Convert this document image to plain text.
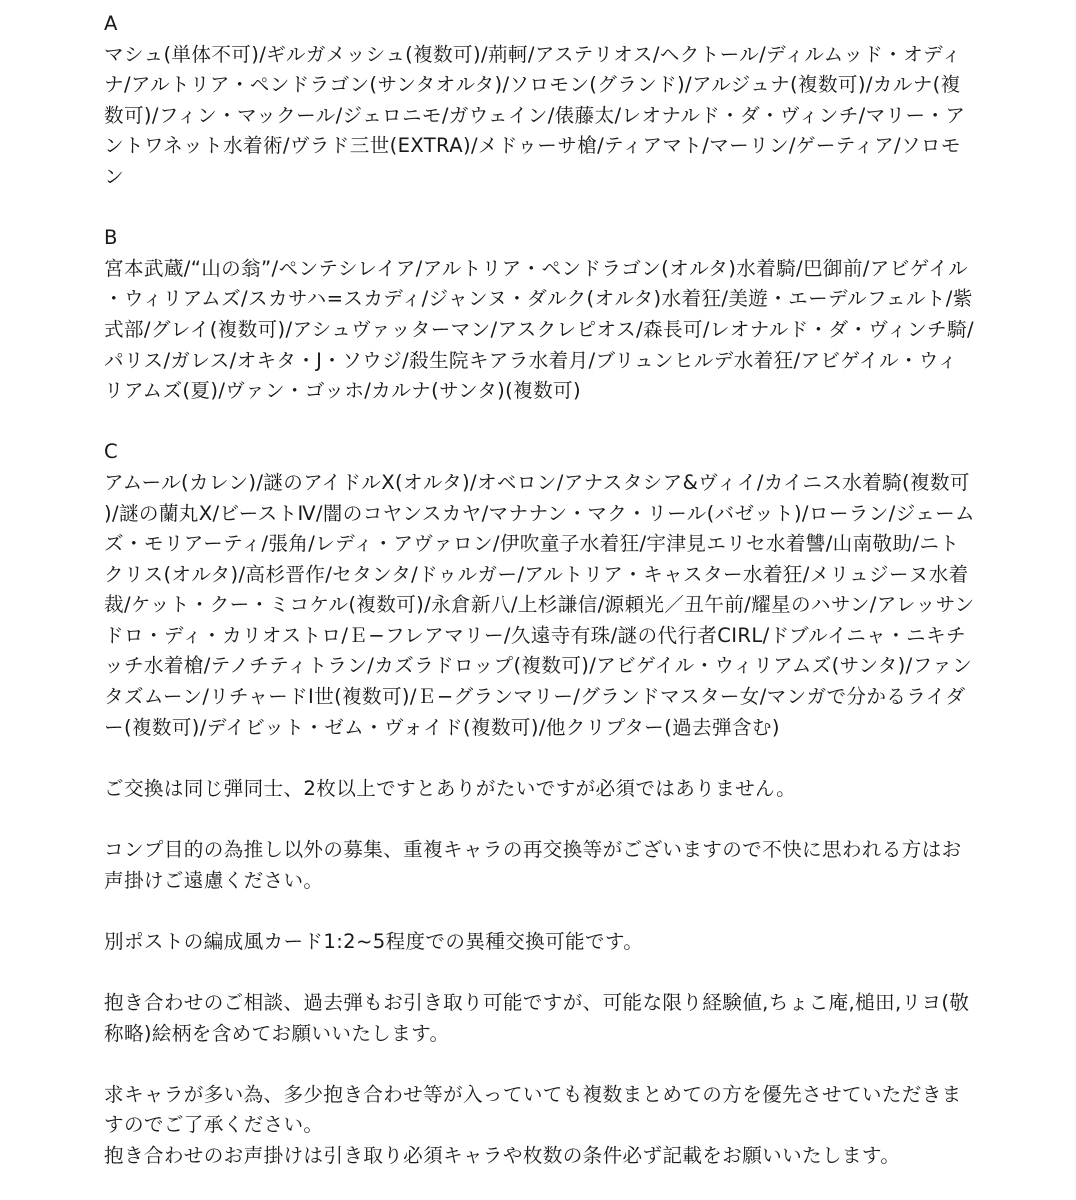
A

マシュ(単体不可)/ギルガメッシュ(複数可)/荊軻/アステリオス/ヘクトール/ディルムッド・オディナ/アルトリア・ペンドラゴン(サンタオルタ)/ソロモン(グランド)/アルジュナ(複数可)/カルナ(複数可)/フィン・マックール/ジェロニモ/ガウェイン/俵藤太/レオナルド・ダ・ヴィンチ/マリー・アントワネット水着術/ヴラド三世(EXTRA)/メドゥーサ槍/ティアマト/マーリン/ゲーティア/ソロモン

B

宮本武蔵/“山の翁”/ペンテシレイア/アルトリア・ペンドラゴン(オルタ)水着騎/巴御前/アビゲイル・ウィリアムズ/スカサハ=スカディ/ジャンヌ・ダルク(オルタ)水着狂/美遊・エーデルフェルト/紫式部/グレイ(複数可)/アシュヴァッターマン/アスクレピオス/森長可/レオナルド・ダ・ヴィンチ騎/パリス/ガレス/オキタ・J・ソウジ/殺生院キアラ水着月/ブリュンヒルデ水着狂/アビゲイル・ウィリアムズ(夏)/ヴァン・ゴッホ/カルナ(サンタ)(複数可)

C

アムール(カレン)/謎のアイドルX(オルタ)/オベロン/アナスタシア&ヴィイ/カイニス水着騎(複数可)/謎の蘭丸X/ビーストⅣ/闇のコヤンスカヤ/マナナン・マク・リール(バゼット)/ローラン/ジェームズ・モリアーティ/張角/レディ・アヴァロン/伊吹童子水着狂/宇津見エリセ水着讐/山南敬助/ニトクリス(オルタ)/高杉晋作/セタンタ/ドゥルガー/アルトリア・キャスター水着狂/メリュジーヌ水着裁/ケット・クー・ミコケル(複数可)/永倉新八/上杉謙信/源頼光／丑午前/耀星のハサン/アレッサンドロ・ディ・カリオストロ/Ｅ−フレアマリー/久遠寺有珠/謎の代行者CIRL/ドブルイニャ・ニキチッチ水着槍/テノチティトラン/カズラドロップ(複数可)/アビゲイル・ウィリアムズ(サンタ)/ファンタズムーン/リチャードⅠ世(複数可)/Ｅ−グランマリー/グランドマスター女/マンガで分かるライダー(複数可)/デイビット・ゼム・ヴォイド(複数可)/他クリプター(過去弾含む)

ご交換は同じ弾同士、2枚以上ですとありがたいですが必須ではありません。

コンプ目的の為推し以外の募集、重複キャラの再交換等がございますので不快に思われる方はお声掛けご遠慮ください。

別ポストの編成風カード1:2~5程度での異種交換可能です。

抱き合わせのご相談、過去弾もお引き取り可能ですが、可能な限り経験値,ちょこ庵,槌田,リヨ(敬称略)絵柄を含めてお願いいたします。

求キャラが多い為、多少抱き合わせ等が入っていても複数まとめての方を優先させていただきますのでご了承ください。

抱き合わせのお声掛けは引き取り必須キャラや枚数の条件必ず記載をお願いいたします。
